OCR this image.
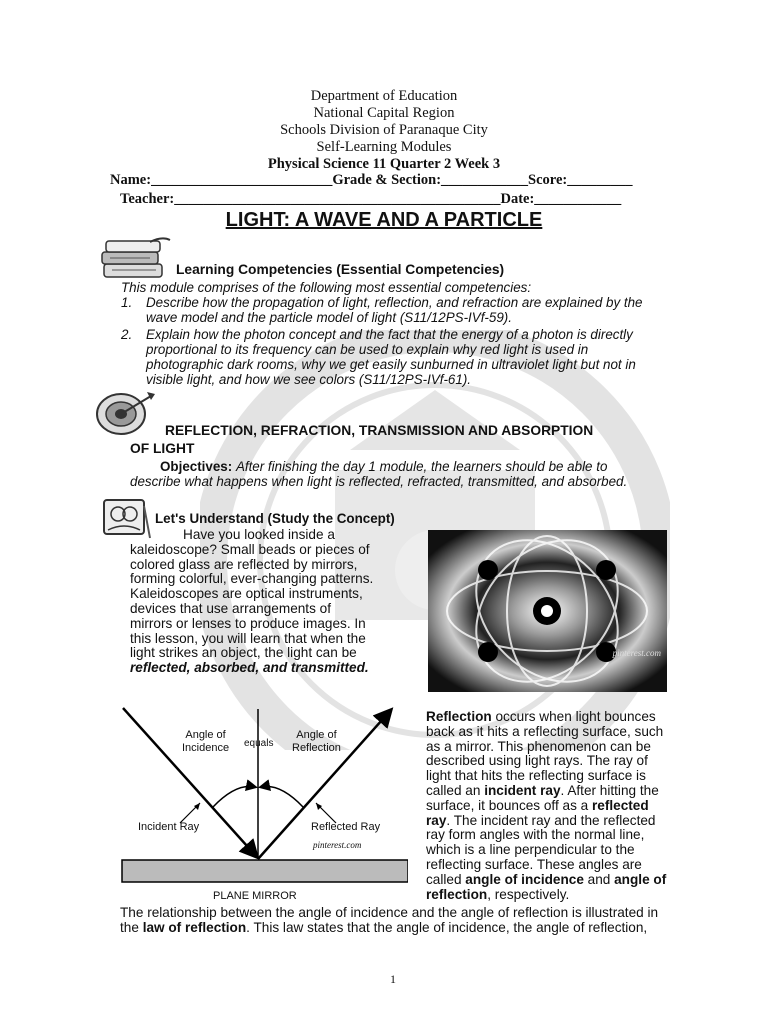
Department of Education
National Capital Region
Schools Division of Paranaque City
Self-Learning Modules
Physical Science 11 Quarter 2 Week 3
Name:_________________________Grade & Section:____________Score:_________
Teacher:_____________________________________________Date:____________
LIGHT: A WAVE AND A PARTICLE
Learning Competencies (Essential Competencies)
This module comprises of the following most essential competencies:
1. Describe how the propagation of light, reflection, and refraction are explained by the wave model and the particle model of light (S11/12PS-IVf-59).
2. Explain how the photon concept and the fact that the energy of a photon is directly proportional to its frequency can be used to explain why red light is used in photographic dark rooms, why we get easily sunburned in ultraviolet light but not in visible light, and how we see colors (S11/12PS-IVf-61).
REFLECTION, REFRACTION, TRANSMISSION AND ABSORPTION
OF LIGHT
Objectives: After finishing the day 1 module, the learners should be able to describe what happens when light is reflected, refracted, transmitted, and absorbed.
Let's Understand (Study the Concept)
Have you looked inside a kaleidoscope? Small beads or pieces of colored glass are reflected by mirrors, forming colorful, ever-changing patterns. Kaleidoscopes are optical instruments, devices that use arrangements of mirrors or lenses to produce images. In this lesson, you will learn that when the light strikes an object, the light can be reflected, absorbed, and transmitted.
pinterest.com
Angle of
Incidence equals
Angle of
Reflection
Incident Ray	Reflected Ray
pinterest.com
PLANE MIRROR
Reflection occurs when light bounces back as it hits a reflecting surface, such as a mirror. This phenomenon can be described using light rays. The ray of light that hits the reflecting surface is called an incident ray. After hitting the surface, it bounces off as a reflected ray. The incident ray and the reflected ray form angles with the normal line, which is a line perpendicular to the reflecting surface. These angles are called angle of incidence and angle of reflection, respectively.
The relationship between the angle of incidence and the angle of reflection is illustrated in the law of reflection. This law states that the angle of incidence, the angle of reflection,
1
